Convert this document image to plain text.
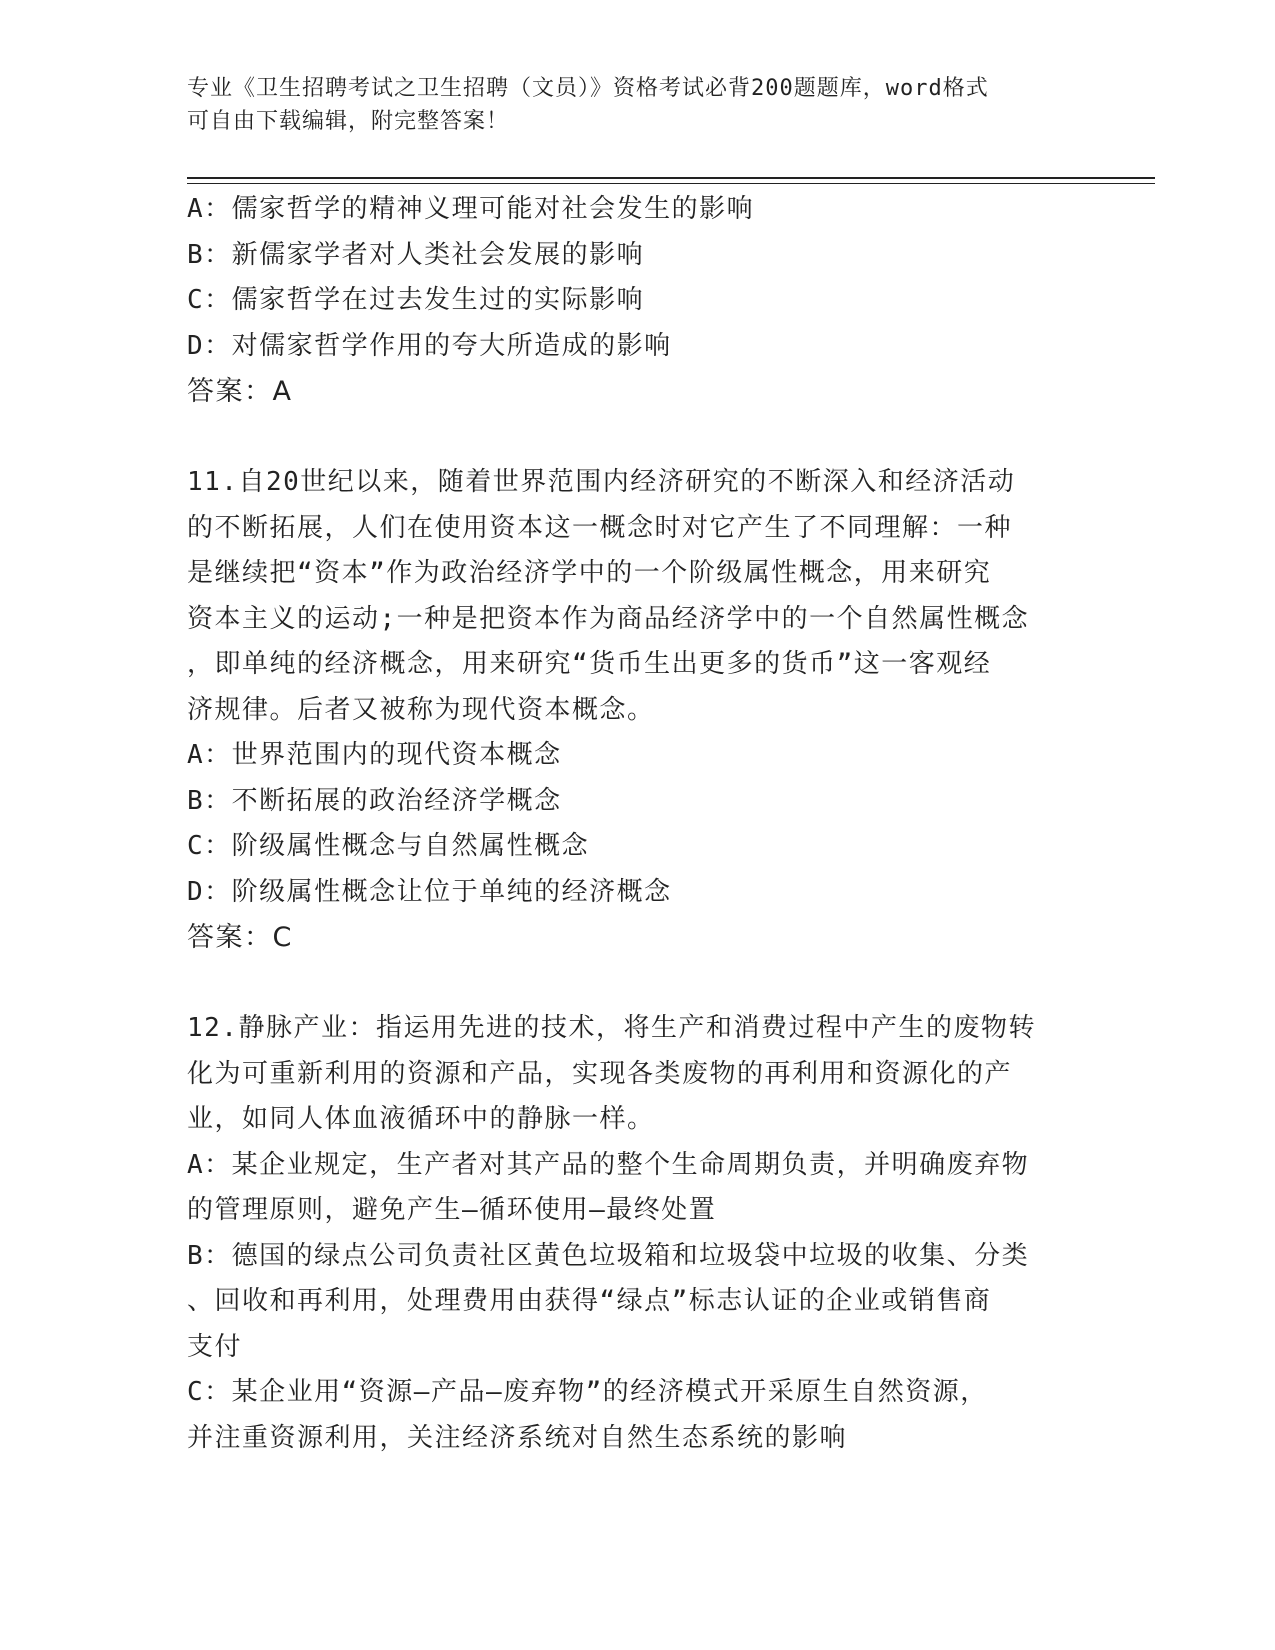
专业《卫生招聘考试之卫生招聘（文员）》资格考试必背200题题库，word格式
可自由下载编辑，附完整答案！
A：儒家哲学的精神义理可能对社会发生的影响
B：新儒家学者对人类社会发展的影响
C：儒家哲学在过去发生过的实际影响
D：对儒家哲学作用的夸大所造成的影响
答案：A
11.自20世纪以来，随着世界范围内经济研究的不断深入和经济活动
的不断拓展，人们在使用资本这一概念时对它产生了不同理解：一种
是继续把“资本”作为政治经济学中的一个阶级属性概念，用来研究
资本主义的运动;一种是把资本作为商品经济学中的一个自然属性概念
，即单纯的经济概念，用来研究“货币生出更多的货币”这一客观经
济规律。后者又被称为现代资本概念。
A：世界范围内的现代资本概念
B：不断拓展的政治经济学概念
C：阶级属性概念与自然属性概念
D：阶级属性概念让位于单纯的经济概念
答案：C
12.静脉产业：指运用先进的技术，将生产和消费过程中产生的废物转
化为可重新利用的资源和产品，实现各类废物的再利用和资源化的产
业，如同人体血液循环中的静脉一样。
A：某企业规定，生产者对其产品的整个生命周期负责，并明确废弃物
的管理原则，避免产生—循环使用—最终处置
B：德国的绿点公司负责社区黄色垃圾箱和垃圾袋中垃圾的收集、分类
、回收和再利用，处理费用由获得“绿点”标志认证的企业或销售商
支付
C：某企业用“资源—产品—废弃物”的经济模式开采原生自然资源，
并注重资源利用，关注经济系统对自然生态系统的影响
